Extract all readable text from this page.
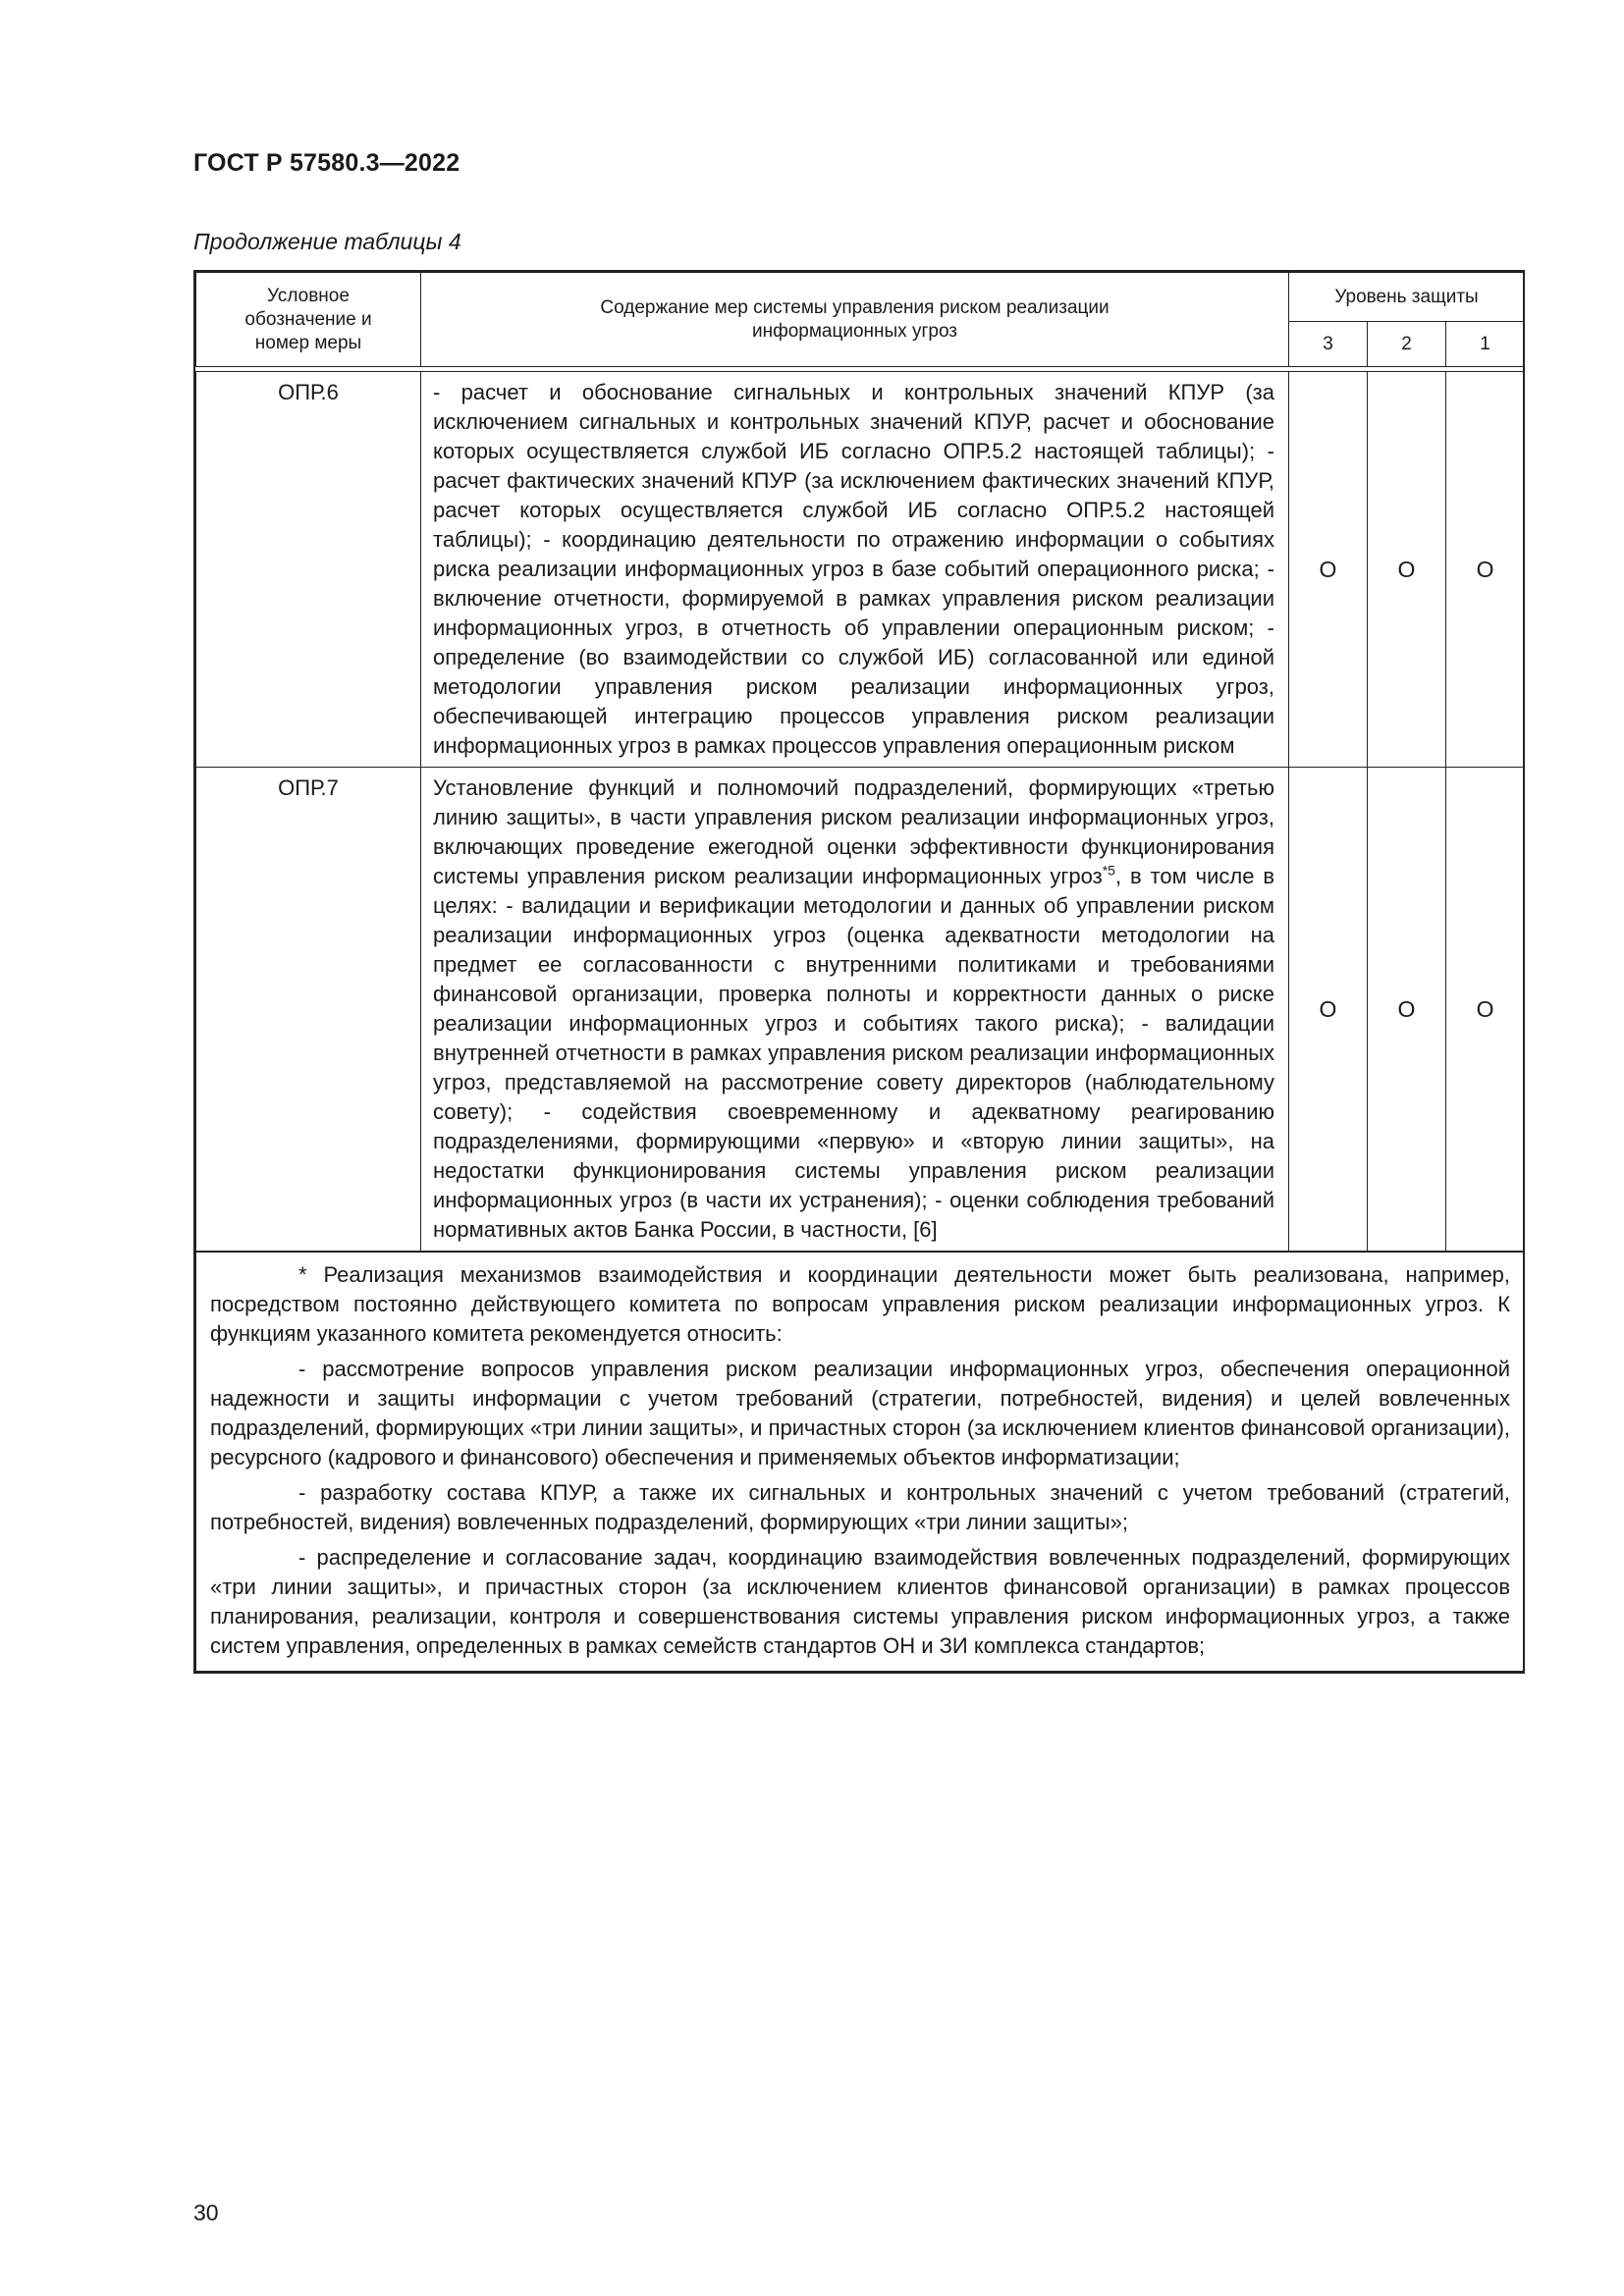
ГОСТ Р 57580.3—2022
Продолжение таблицы 4
Условное обозначение и номер меры	Содержание мер системы управления риском реализации информационных угроз	Уровень защиты		
		3	2	1

ОПР.6	- расчет и обоснование сигнальных и контрольных значений КПУР (за исключением сигнальных и контрольных значений КПУР, расчет и обоснование которых осуществляется службой ИБ согласно ОПР.5.2 настоящей таблицы); - расчет фактических значений КПУР (за исключением фактических значений КПУР, расчет которых осуществляется службой ИБ согласно ОПР.5.2 настоящей таблицы); - координацию деятельности по отражению информации о событиях риска реализации информационных угроз в базе событий операционного риска; - включение отчетности, формируемой в рамках управления риском реализации информационных угроз, в отчетность об управлении операционным риском; - определение (во взаимодействии со службой ИБ) согласованной или единой методологии управления риском реализации информационных угроз, обеспечивающей интеграцию процессов управления риском реализации информационных угроз в рамках процессов управления операционным риском	О	О	О
ОПР.7	Установление функций и полномочий подразделений, формирующих «третью линию защиты», в части управления риском реализации информационных угроз, включающих проведение ежегодной оценки эффективности функционирования системы управления риском реализации информационных угроз$^{*5}$, в том числе в целях: - валидации и верификации методологии и данных об управлении риском реализации информационных угроз (оценка адекватности методологии на предмет ее согласованности с внутренними политиками и требованиями финансовой организации, проверка полноты и корректности данных о риске реализации информационных угроз и событиях такого риска); - валидации внутренней отчетности в рамках управления риском реализации информационных угроз, представляемой на рассмотрение совету директоров (наблюдательному совету); - содействия своевременному и адекватному реагированию подразделениями, формирующими «первую» и «вторую линии защиты», на недостатки функционирования системы управления риском реализации информационных угроз (в части их устранения); - оценки соблюдения требований нормативных актов Банка России, в частности, [6]	О	О	О

* Реализация механизмов взаимодействия и координации деятельности может быть реализована, например, посредством постоянно действующего комитета по вопросам управления риском реализации информационных угроз. К функциям указанного комитета рекомендуется относить:

- рассмотрение вопросов управления риском реализации информационных угроз, обеспечения операционной надежности и защиты информации с учетом требований (стратегии, потребностей, видения) и целей вовлеченных подразделений, формирующих «три линии защиты», и причастных сторон (за исключением клиентов финансовой организации), ресурсного (кадрового и финансового) обеспечения и применяемых объектов информатизации;

- разработку состава КПУР, а также их сигнальных и контрольных значений с учетом требований (стратегий, потребностей, видения) вовлеченных подразделений, формирующих «три линии защиты»;

- распределение и согласование задач, координацию взаимодействия вовлеченных подразделений, формирующих «три линии защиты», и причастных сторон (за исключением клиентов финансовой организации) в рамках процессов планирования, реализации, контроля и совершенствования системы управления риском информационных угроз, а также систем управления, определенных в рамках семейств стандартов ОН и ЗИ комплекса стандартов;				

30
